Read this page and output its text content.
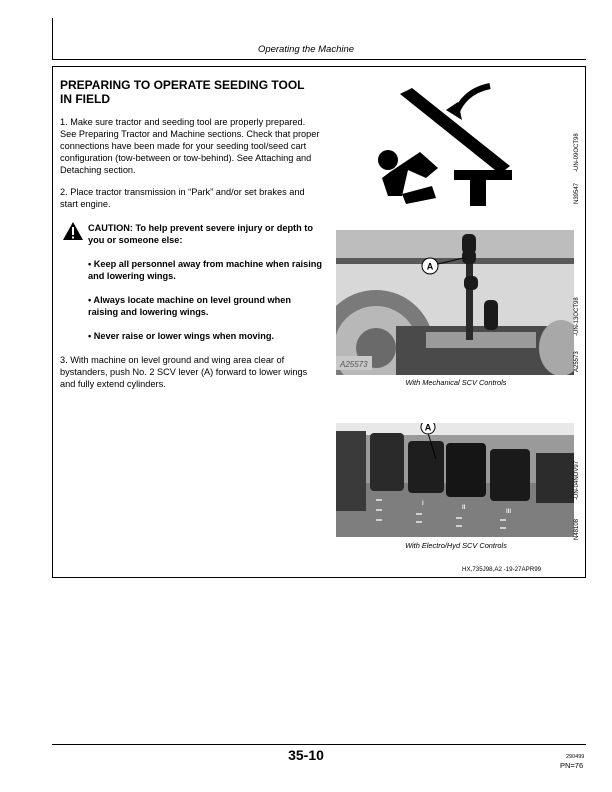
Operating the Machine
PREPARING TO OPERATE SEEDING TOOL
IN FIELD
1. Make sure tractor and seeding tool are properly prepared. See Preparing Tractor and Machine sections. Check that proper connections have been made for your seeding tool/seed cart configuration (tow-between or tow-behind). See Attaching and Detaching section.
2. Place tractor transmission in “Park” and/or set brakes and start engine.
CAUTION: To help prevent severe injury or depth to you or someone else:
• Keep all personnel away from machine when raising and lowering wings.
• Always locate machine on level ground when raising and lowering wings.
• Never raise or lower wings when moving.
3. With machine on level ground and wing area clear of bystanders, push No. 2 SCV lever (A) forward to lower wings and fully extend cylinders.
N39547
-UN-09OCT98
A
A25573
With Mechanical SCV Controls
A25573
-UN-13OCT98
I
II
III
A
With Electro/Hyd SCV Controls
N48108
-UN-04NOV97
HX,735J98,A2 -19-27APR99
35-10	290499
PN=76
